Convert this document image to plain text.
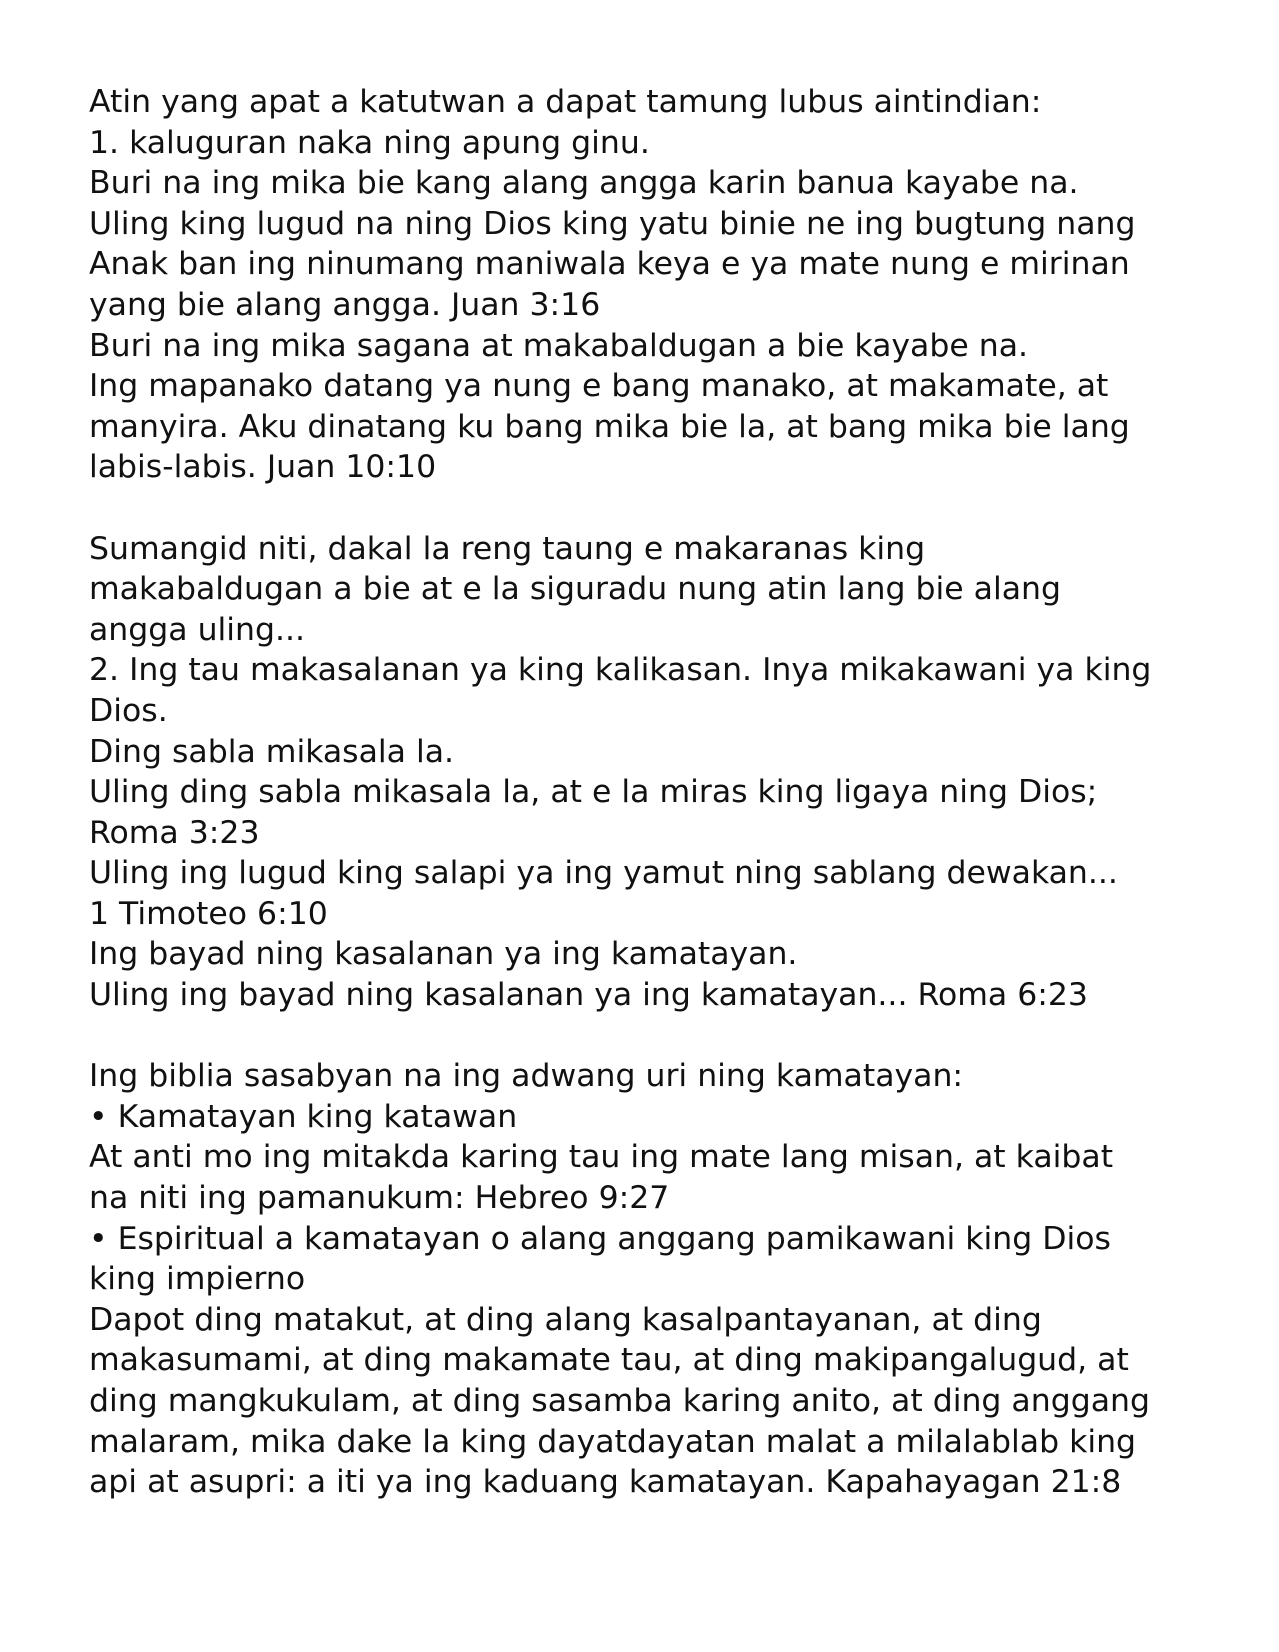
Atin yang apat a katutwan a dapat tamung lubus aintindian:
1. kaluguran naka ning apung ginu.
Buri na ing mika bie kang alang angga karin banua kayabe na.
Uling king lugud na ning Dios king yatu binie ne ing bugtung nang
Anak ban ing ninumang maniwala keya e ya mate nung e mirinan
yang bie alang angga. Juan 3:16
Buri na ing mika sagana at makabaldugan a bie kayabe na.
Ing mapanako datang ya nung e bang manako, at makamate, at
manyira. Aku dinatang ku bang mika bie la, at bang mika bie lang
labis-labis. Juan 10:10
Sumangid niti, dakal la reng taung e makaranas king
makabaldugan a bie at e la siguradu nung atin lang bie alang
angga uling...
2. Ing tau makasalanan ya king kalikasan. Inya mikakawani ya king
Dios.
Ding sabla mikasala la.
Uling ding sabla mikasala la, at e la miras king ligaya ning Dios;
Roma 3:23
Uling ing lugud king salapi ya ing yamut ning sablang dewakan...
1 Timoteo 6:10
Ing bayad ning kasalanan ya ing kamatayan.
Uling ing bayad ning kasalanan ya ing kamatayan... Roma 6:23
Ing biblia sasabyan na ing adwang uri ning kamatayan:
• Kamatayan king katawan
At anti mo ing mitakda karing tau ing mate lang misan, at kaibat
na niti ing pamanukum: Hebreo 9:27
• Espiritual a kamatayan o alang anggang pamikawani king Dios
king impierno
Dapot ding matakut, at ding alang kasalpantayanan, at ding
makasumami, at ding makamate tau, at ding makipangalugud, at
ding mangkukulam, at ding sasamba karing anito, at ding anggang
malaram, mika dake la king dayatdayatan malat a milalablab king
api at asupri: a iti ya ing kaduang kamatayan. Kapahayagan 21:8
